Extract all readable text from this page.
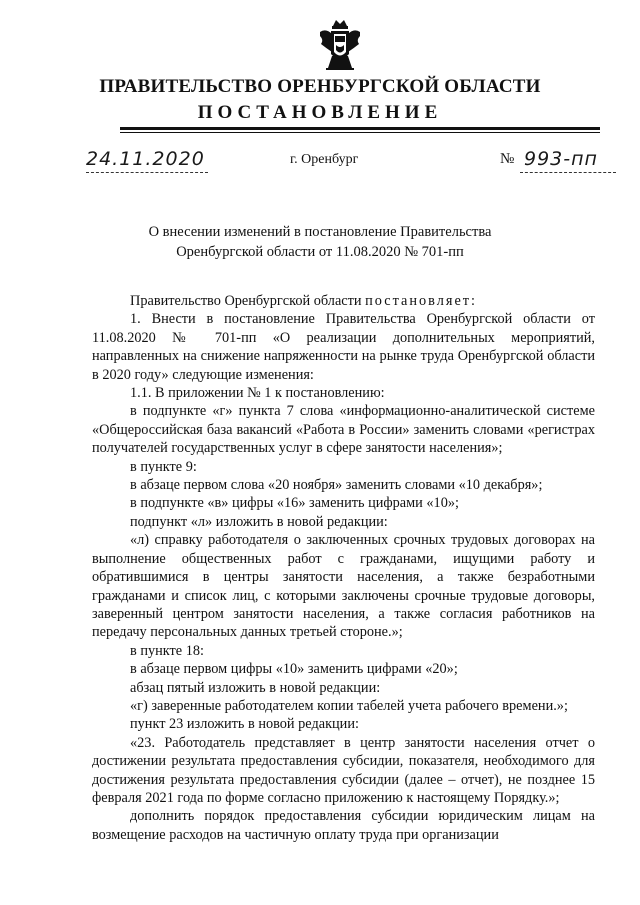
ПРАВИТЕЛЬСТВО ОРЕНБУРГСКОЙ ОБЛАСТИ
ПОСТАНОВЛЕНИЕ
24.11.2020	г. Оренбург	№ 993-пп
О внесении изменений в постановление Правительства
Оренбургской области от 11.08.2020 № 701-пп

Правительство Оренбургской области постановляет:

1. Внести в постановление Правительства Оренбургской области от 11.08.2020 № 701-пп «О реализации дополнительных мероприятий, направленных на снижение напряженности на рынке труда Оренбургской области в 2020 году» следующие изменения:

1.1. В приложении № 1 к постановлению:

в подпункте «г» пункта 7 слова «информационно-аналитической системе «Общероссийская база вакансий «Работа в России» заменить словами «регистрах получателей государственных услуг в сфере занятости населения»;

в пункте 9:

в абзаце первом слова «20 ноября» заменить словами «10 декабря»;

в подпункте «в» цифры «16» заменить цифрами «10»;

подпункт «л» изложить в новой редакции:

«л) справку работодателя о заключенных срочных трудовых договорах на выполнение общественных работ с гражданами, ищущими работу и обратившимися в центры занятости населения, а также безработными гражданами и список лиц, с которыми заключены срочные трудовые договоры, заверенный центром занятости населения, а также согласия работников на передачу персональных данных третьей стороне.»;

в пункте 18:

в абзаце первом цифры «10» заменить цифрами «20»;

абзац пятый изложить в новой редакции:

«г) заверенные работодателем копии табелей учета рабочего времени.»;

пункт 23 изложить в новой редакции:

«23. Работодатель представляет в центр занятости населения отчет о достижении результата предоставления субсидии, показателя, необходимого для достижения результата предоставления субсидии (далее – отчет), не позднее 15 февраля 2021 года по форме согласно приложению к настоящему Порядку.»;

дополнить порядок предоставления субсидии юридическим лицам на возмещение расходов на частичную оплату труда при организации
